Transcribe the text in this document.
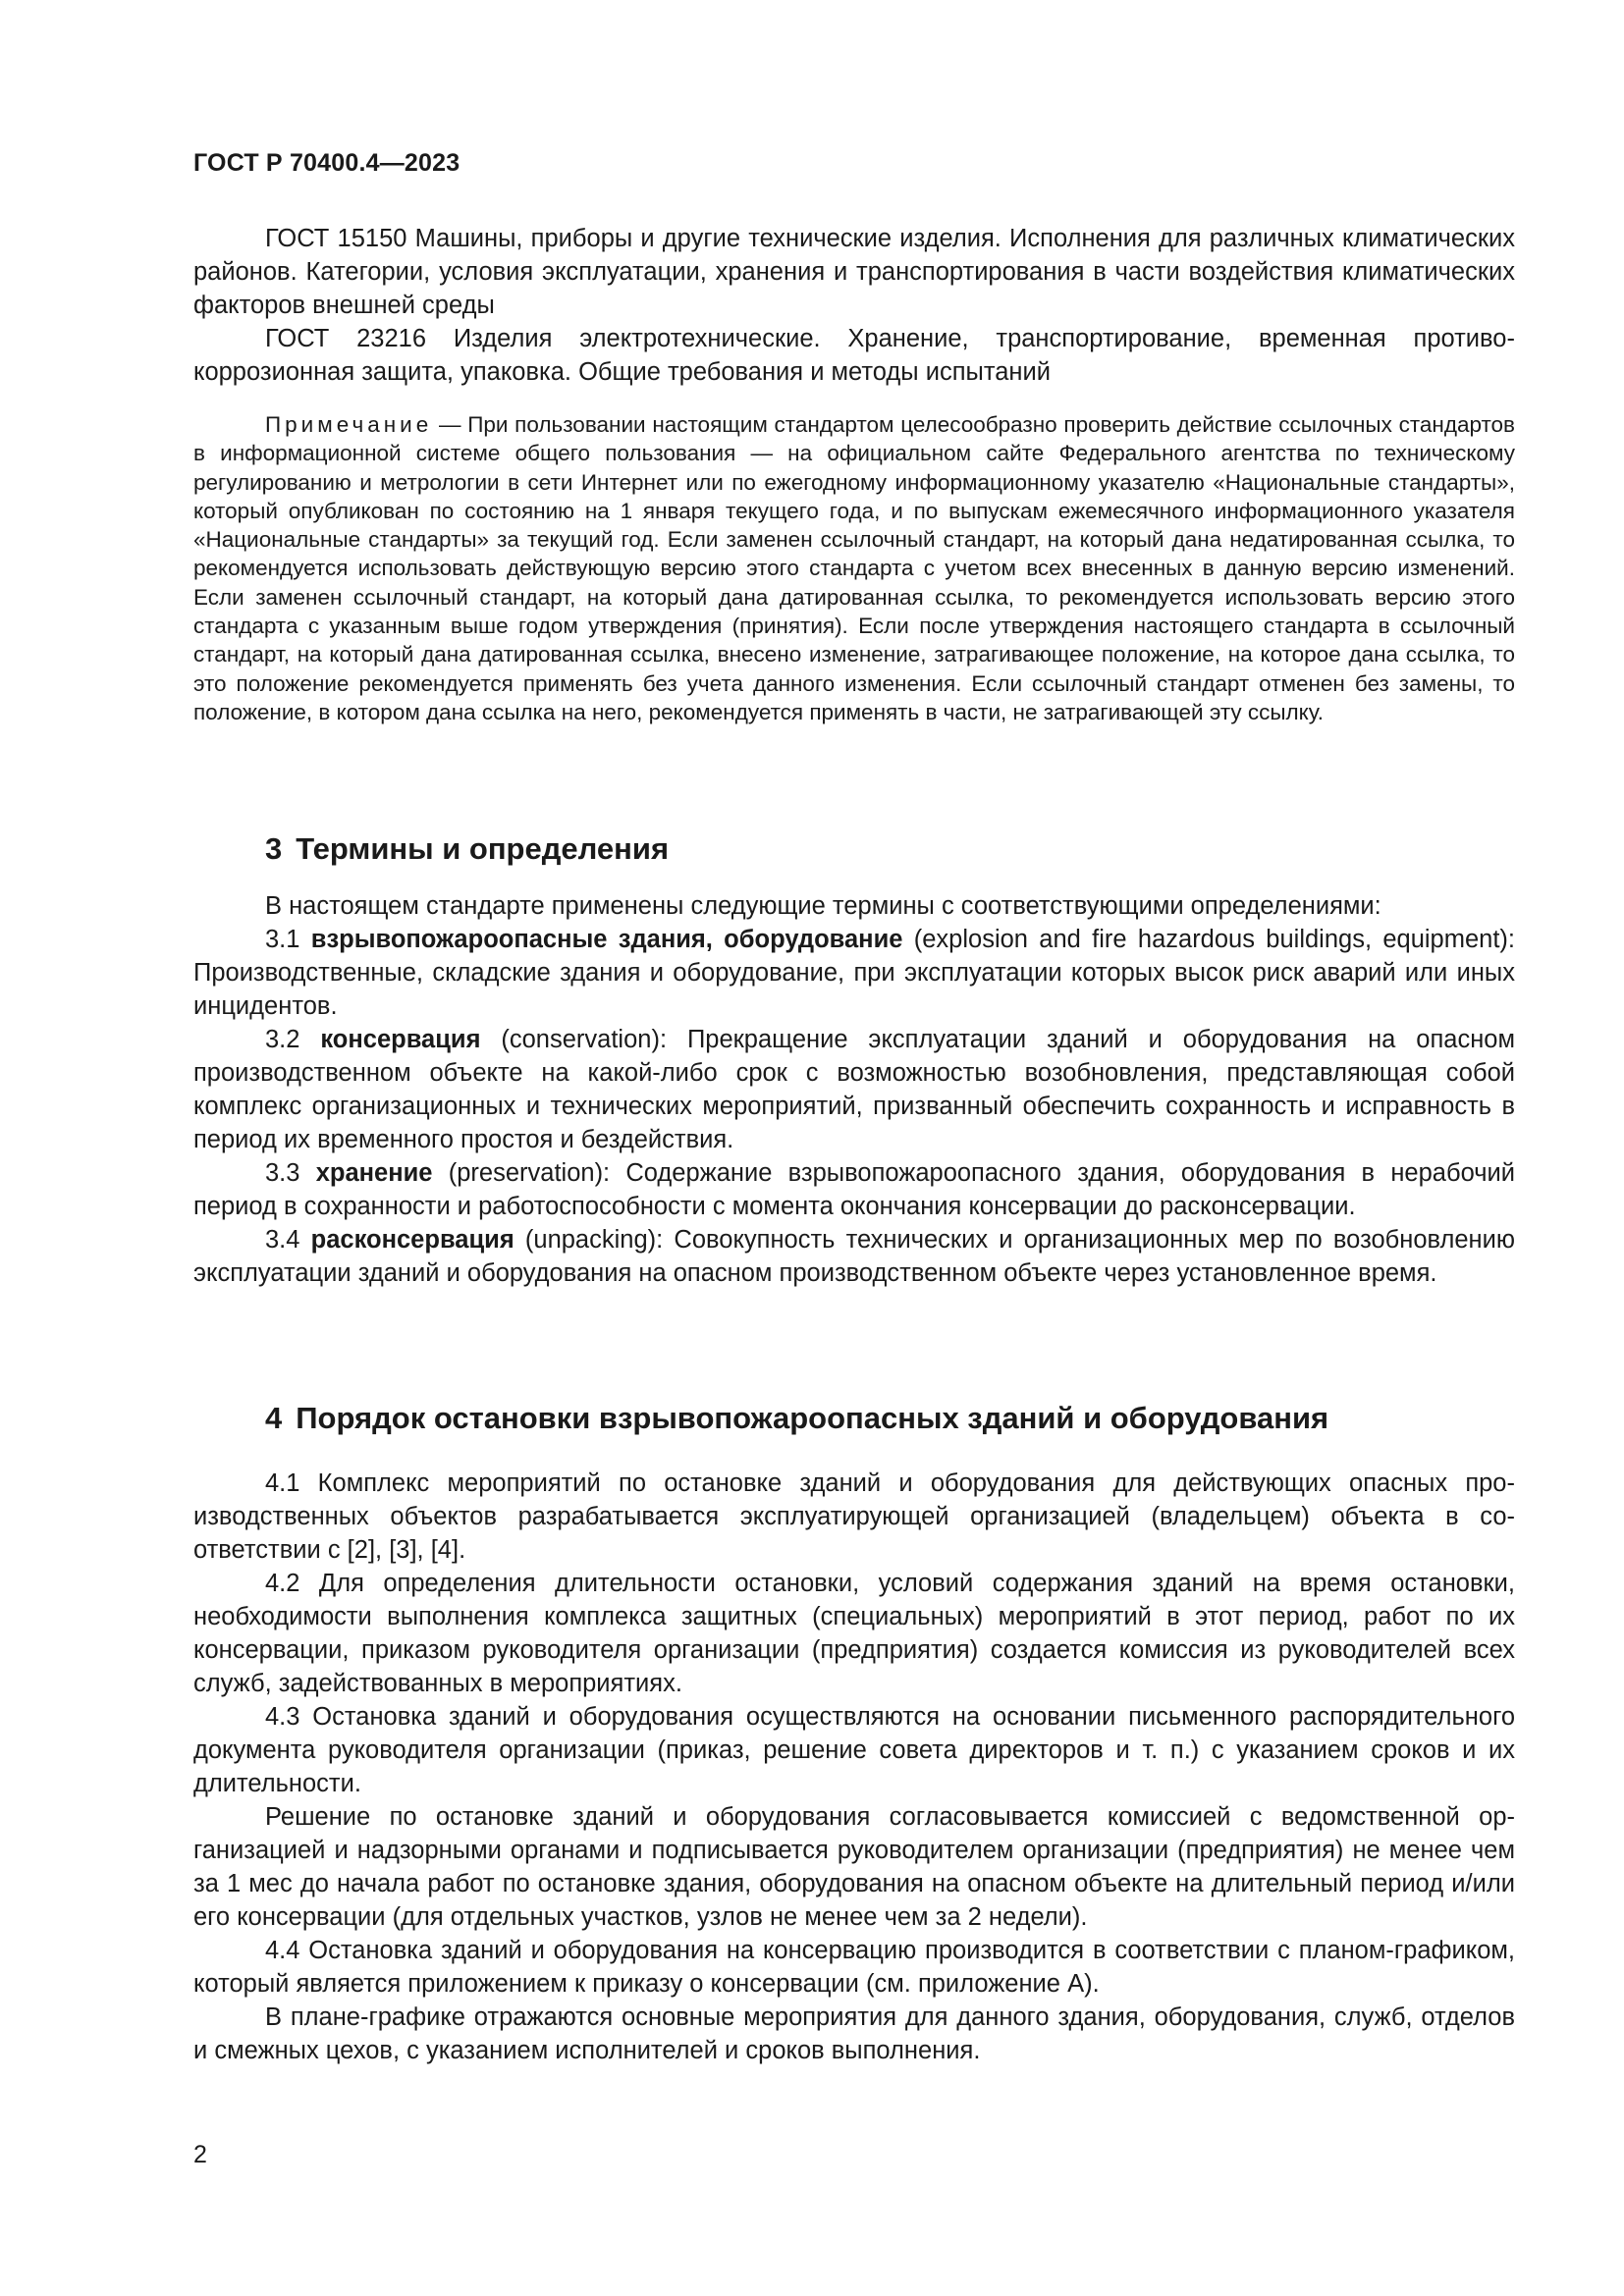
ГОСТ Р 70400.4—2023

ГОСТ 15150 Машины, приборы и другие технические изделия. Исполнения для различных климатических районов. Категории, условия эксплуатации, хранения и транспортирования в части воздействия климатических факторов внешней среды

ГОСТ 23216 Изделия электротехнические. Хранение, транспортирование, временная противокоррозионная защита, упаковка. Общие требования и методы испытаний

Примечание — При пользовании настоящим стандартом целесообразно проверить действие ссылочных стандартов в информационной системе общего пользования — на официальном сайте Федерального агентства по техническому регулированию и метрологии в сети Интернет или по ежегодному информационному указателю «Национальные стандарты», который опубликован по состоянию на 1 января текущего года, и по выпускам ежемесячного информационного указателя «Национальные стандарты» за текущий год. Если заменен ссылочный стандарт, на который дана недатированная ссылка, то рекомендуется использовать действующую версию этого стандарта с учетом всех внесенных в данную версию изменений. Если заменен ссылочный стандарт, на который дана датированная ссылка, то рекомендуется использовать версию этого стандарта с указанным выше годом утверждения (принятия). Если после утверждения настоящего стандарта в ссылочный стандарт, на который дана датированная ссылка, внесено изменение, затрагивающее положение, на которое дана ссылка, то это положение рекомендуется применять без учета данного изменения. Если ссылочный стандарт отменен без замены, то положение, в котором дана ссылка на него, рекомендуется применять в части, не затрагивающей эту ссылку.

3 Термины и определения

В настоящем стандарте применены следующие термины с соответствующими определениями:

3.1 взрывопожароопасные здания, оборудование (explosion and fire hazardous buildings, equipment): Производственные, складские здания и оборудование, при эксплуатации которых высок риск аварий или иных инцидентов.

3.2 консервация (conservation): Прекращение эксплуатации зданий и оборудования на опасном производственном объекте на какой-либо срок с возможностью возобновления, представляющая собой комплекс организационных и технических мероприятий, призванный обеспечить сохранность и исправность в период их временного простоя и бездействия.

3.3 хранение (preservation): Содержание взрывопожароопасного здания, оборудования в нерабочий период в сохранности и работоспособности с момента окончания консервации до расконсервации.

3.4 расконсервация (unpacking): Совокупность технических и организационных мер по возобновлению эксплуатации зданий и оборудования на опасном производственном объекте через установленное время.

4 Порядок остановки взрывопожароопасных зданий и оборудования

4.1 Комплекс мероприятий по остановке зданий и оборудования для действующих опасных производственных объектов разрабатывается эксплуатирующей организацией (владельцем) объекта в соответствии с [2], [3], [4].

4.2 Для определения длительности остановки, условий содержания зданий на время остановки, необходимости выполнения комплекса защитных (специальных) мероприятий в этот период, работ по их консервации, приказом руководителя организации (предприятия) создается комиссия из руководителей всех служб, задействованных в мероприятиях.

4.3 Остановка зданий и оборудования осуществляются на основании письменного распорядительного документа руководителя организации (приказ, решение совета директоров и т. п.) с указанием сроков и их длительности.

Решение по остановке зданий и оборудования согласовывается комиссией с ведомственной организацией и надзорными органами и подписывается руководителем организации (предприятия) не менее чем за 1 мес до начала работ по остановке здания, оборудования на опасном объекте на длительный период и/или его консервации (для отдельных участков, узлов не менее чем за 2 недели).

4.4 Остановка зданий и оборудования на консервацию производится в соответствии с планом-графиком, который является приложением к приказу о консервации (см. приложение А).

В плане-графике отражаются основные мероприятия для данного здания, оборудования, служб, отделов и смежных цехов, с указанием исполнителей и сроков выполнения.

2
